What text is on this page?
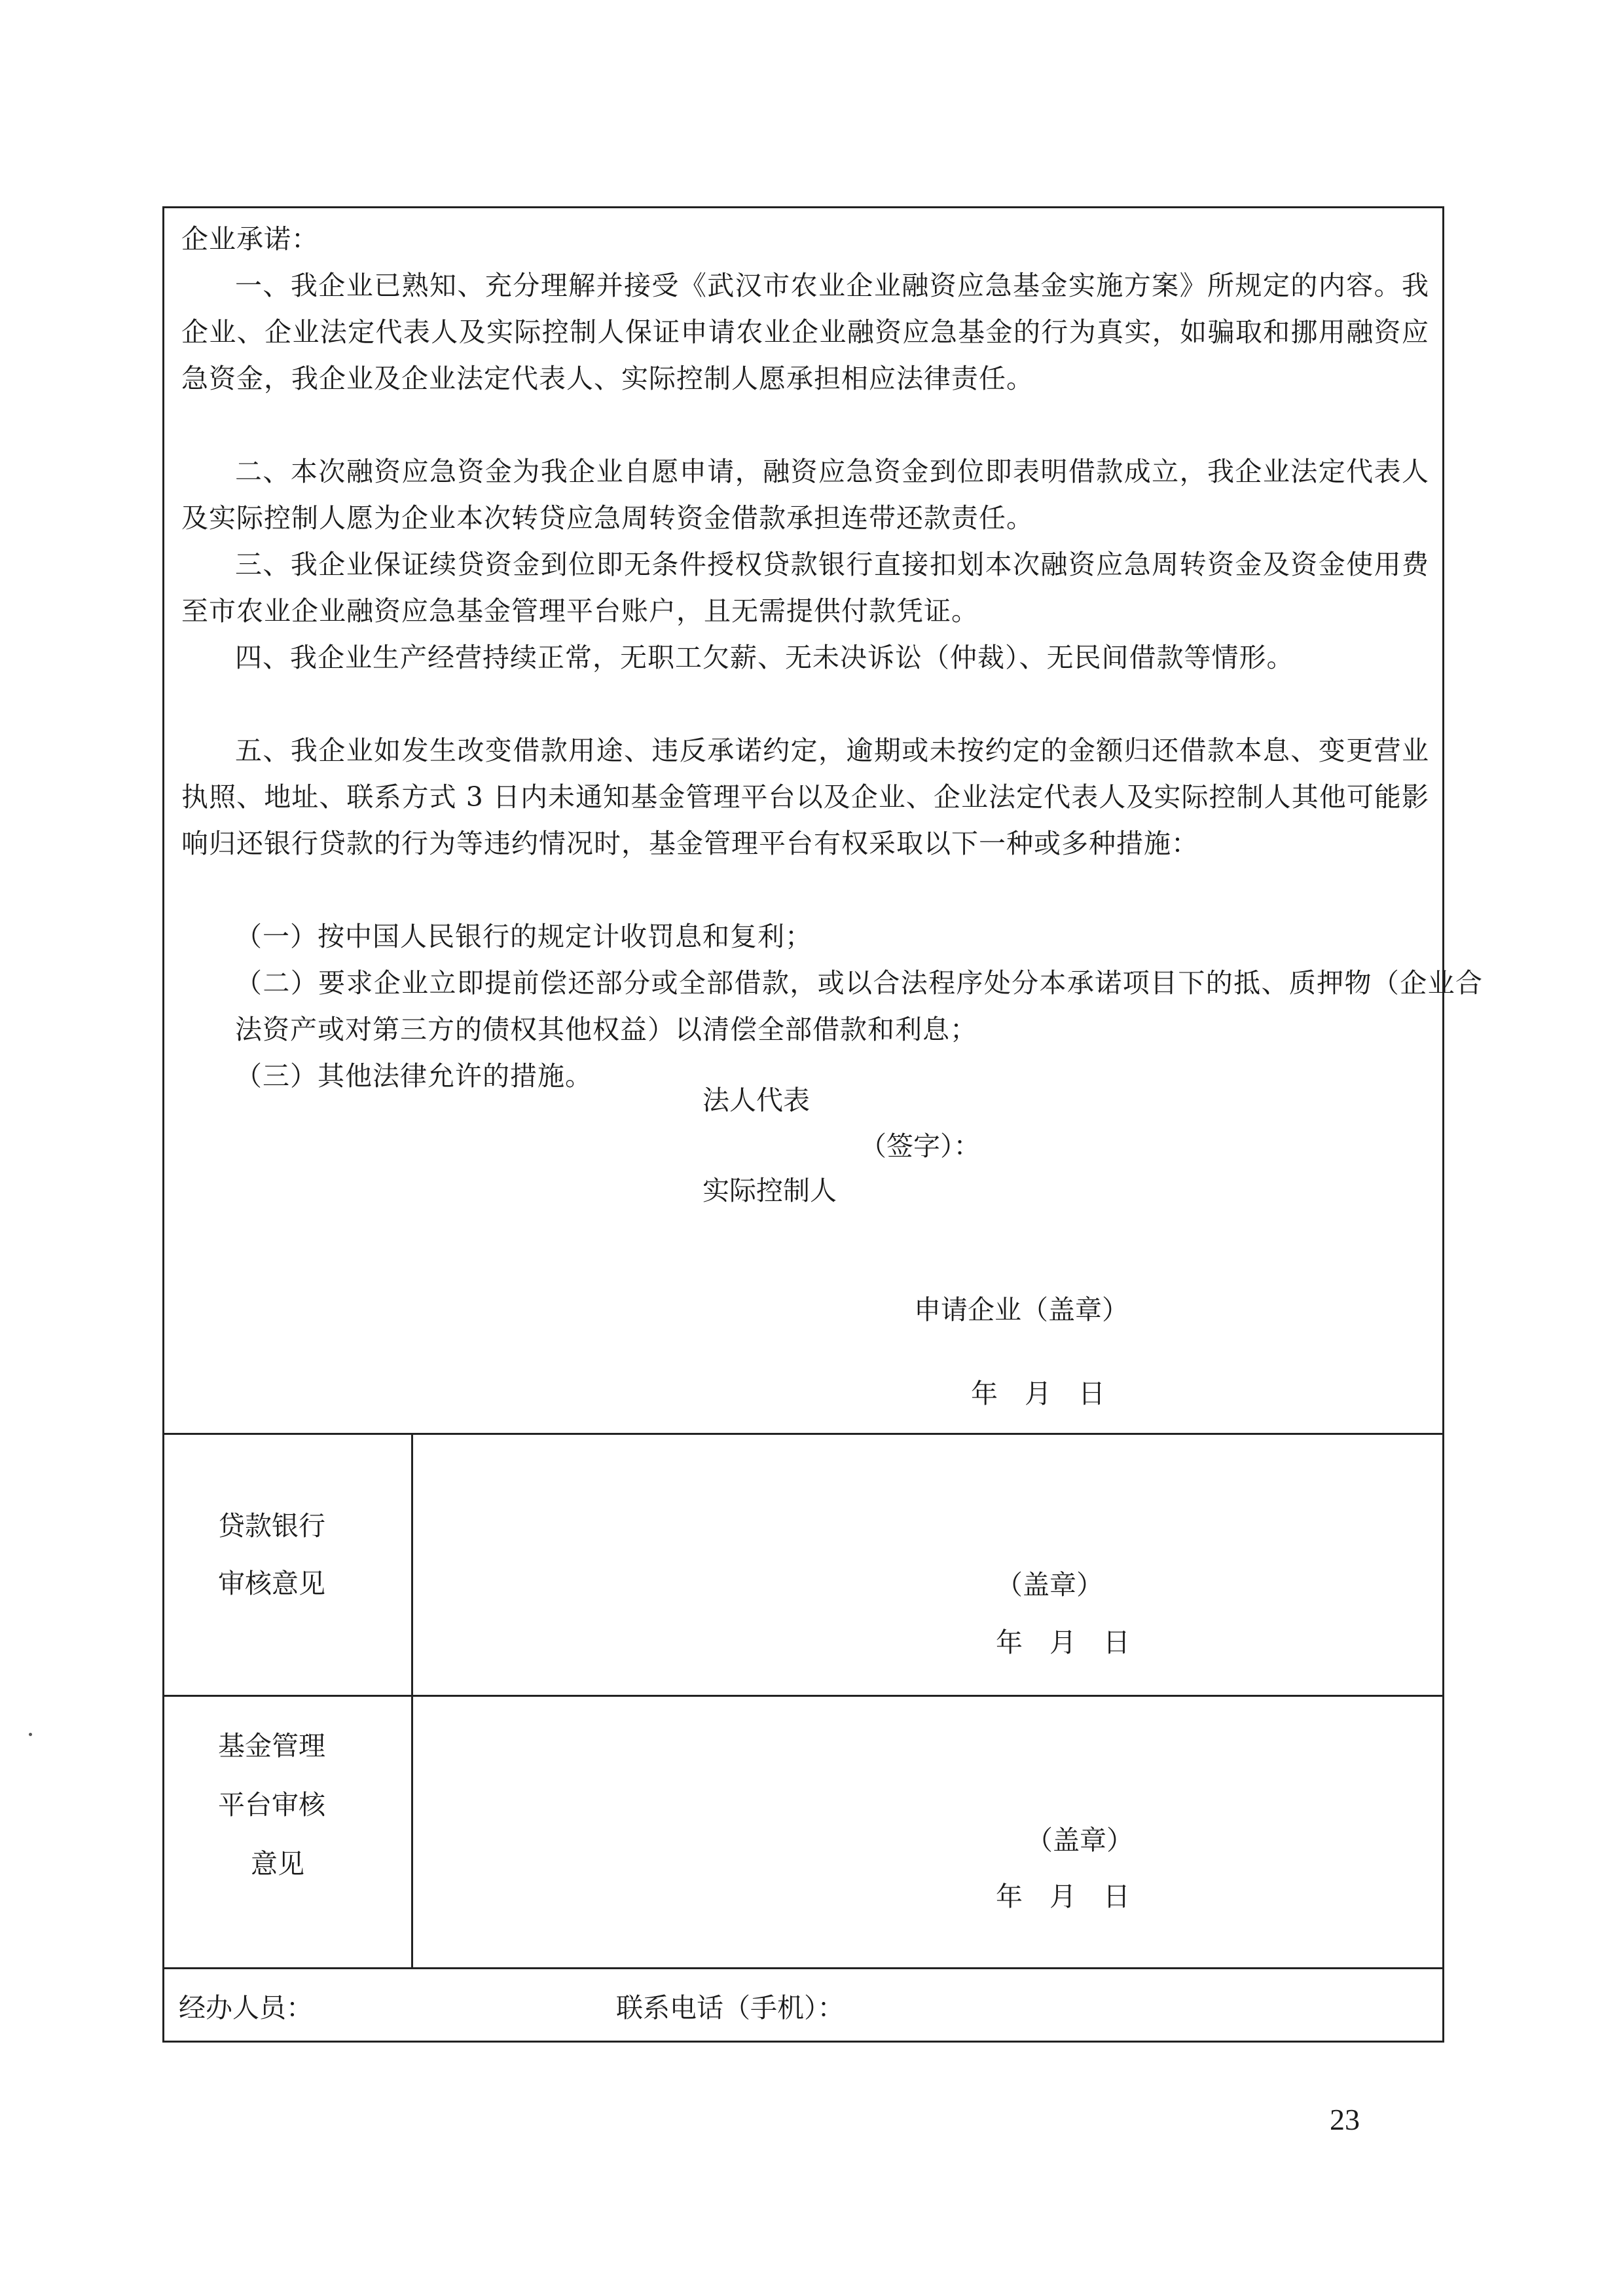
企业承诺：
一、我企业已熟知、充分理解并接受《武汉市农业企业融资应急基金实施方案》所规定的内容。我企业、企业法定代表人及实际控制人保证申请农业企业融资应急基金的行为真实，如骗取和挪用融资应急资金，我企业及企业法定代表人、实际控制人愿承担相应法律责任。
二、本次融资应急资金为我企业自愿申请，融资应急资金到位即表明借款成立，我企业法定代表人及实际控制人愿为企业本次转贷应急周转资金借款承担连带还款责任。
三、我企业保证续贷资金到位即无条件授权贷款银行直接扣划本次融资应急周转资金及资金使用费至市农业企业融资应急基金管理平台账户，且无需提供付款凭证。
四、我企业生产经营持续正常，无职工欠薪、无未决诉讼（仲裁）、无民间借款等情形。
五、我企业如发生改变借款用途、违反承诺约定，逾期或未按约定的金额归还借款本息、变更营业执照、地址、联系方式 3 日内未通知基金管理平台以及企业、企业法定代表人及实际控制人其他可能影响归还银行贷款的行为等违约情况时，基金管理平台有权采取以下一种或多种措施：
（一）按中国人民银行的规定计收罚息和复利；
（二）要求企业立即提前偿还部分或全部借款，或以合法程序处分本承诺项目下的抵、质押物（企业合法资产或对第三方的债权其他权益）以清偿全部借款和利息；
（三）其他法律允许的措施。
法人代表
（签字）：
实际控制人
申请企业（盖章）
年　月　日
贷款银行
审核意见	（盖章）
年　月　日
基金管理
平台审核
意见
（盖章）
年　月　日
经办人员：	联系电话（手机）：
23
